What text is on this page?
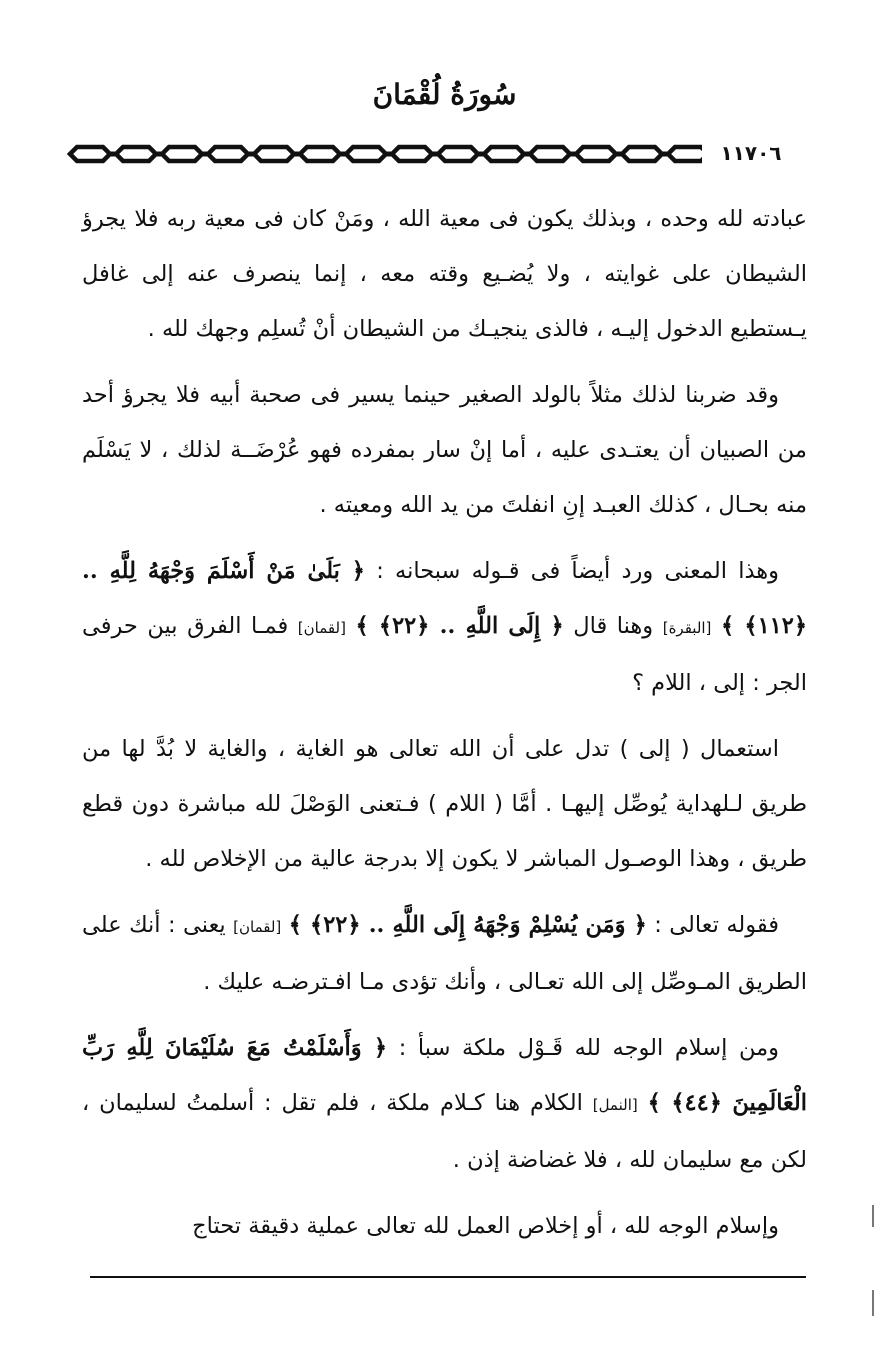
سُورَةُ لُقْمَانَ
١١٧٠٦

عبادته لله وحده ، وبذلك يكون فى معية الله ، ومَنْ كان فى معية ربه فلا يجرؤ الشيطان على غوايته ، ولا يُضـيع وقته معه ، إنما ينصرف عنه إلى غافل يـستطيع الدخول إليـه ، فالذى ينجيـك من الشيطان أنْ تُسلِم وجهك لله .

وقد ضربنا لذلك مثلاً بالولد الصغير حينما يسير فى صحبة أبيه فلا يجرؤ أحد من الصبيان أن يعتـدى عليه ، أما إنْ سار بمفرده فهو عُرْضَــة لذلك ، لا يَسْلَم منه بحـال ، كذلك العبـد إنِ انفلتَ من يد الله ومعيته .

وهذا المعنى ورد أيضاً فى قـوله سبحانه : ﴿ بَلَىٰ مَنْ أَسْلَمَ وَجْهَهُ لِلَّهِ .. ﴿١١٢﴾ ﴾ [البقرة] وهنا قال ﴿ إِلَى اللَّهِ .. ﴿٢٢﴾ ﴾ [لقمان] فمـا الفرق بين حرفى الجر : إلى ، اللام ؟

استعمال ( إلى ) تدل على أن الله تعالى هو الغاية ، والغاية لا بُدَّ لها من طريق لـلهداية يُوصِّل إليهـا . أمَّا ( اللام ) فـتعنى الوَصْلَ لله مباشرة دون قطع طريق ، وهذا الوصـول المباشر لا يكون إلا بدرجة عالية من الإخلاص لله .

فقوله تعالى : ﴿ وَمَن يُسْلِمْ وَجْهَهُ إِلَى اللَّهِ .. ﴿٢٢﴾ ﴾ [لقمان] يعنى : أنك على الطريق المـوصِّل إلى الله تعـالى ، وأنك تؤدى مـا افـترضـه عليك .

ومن إسلام الوجه لله قَـوْل ملكة سبأ : ﴿ وَأَسْلَمْتُ مَعَ سُلَيْمَانَ لِلَّهِ رَبِّ الْعَالَمِينَ ﴿٤٤﴾ ﴾ [النمل] الكلام هنا كـلام ملكة ، فلم تقل : أسلمتُ لسليمان ، لكن مع سليمان لله ، فلا غضاضة إذن .

وإسلام الوجه لله ، أو إخلاص العمل لله تعالى عملية دقيقة تحتاج
